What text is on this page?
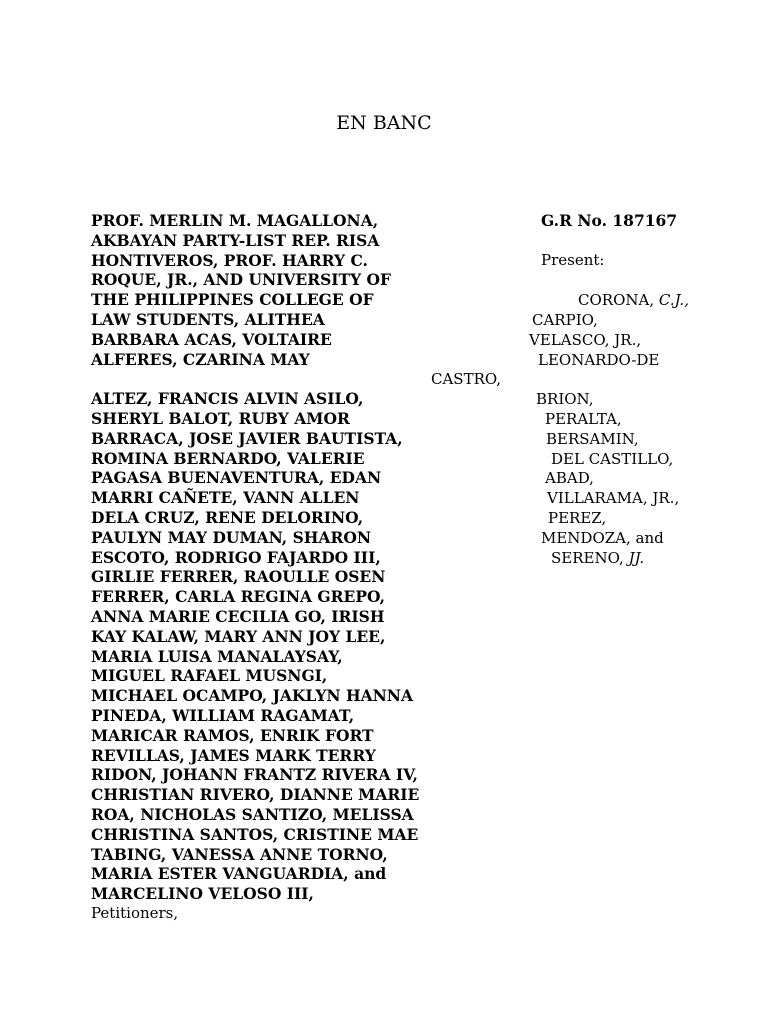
EN BANC
PROF. MERLIN M. MAGALLONA,
AKBAYAN PARTY-LIST REP. RISA
HONTIVEROS, PROF. HARRY C.
ROQUE, JR., AND UNIVERSITY OF
THE PHILIPPINES COLLEGE OF
LAW STUDENTS, ALITHEA
BARBARA ACAS, VOLTAIRE
ALFERES, CZARINA MAY
ALTEZ, FRANCIS ALVIN ASILO,
SHERYL BALOT, RUBY AMOR
BARRACA, JOSE JAVIER BAUTISTA,
ROMINA BERNARDO, VALERIE
PAGASA BUENAVENTURA, EDAN
MARRI CAÑETE, VANN ALLEN
DELA CRUZ, RENE DELORINO,
PAULYN MAY DUMAN, SHARON
ESCOTO, RODRIGO FAJARDO III,
GIRLIE FERRER, RAOULLE OSEN
FERRER, CARLA REGINA GREPO,
ANNA MARIE CECILIA GO, IRISH
KAY KALAW, MARY ANN JOY LEE,
MARIA LUISA MANALAYSAY,
MIGUEL RAFAEL MUSNGI,
MICHAEL OCAMPO, JAKLYN HANNA
PINEDA, WILLIAM RAGAMAT,
MARICAR RAMOS, ENRIK FORT
REVILLAS, JAMES MARK TERRY
RIDON, JOHANN FRANTZ RIVERA IV,
CHRISTIAN RIVERO, DIANNE MARIE
ROA, NICHOLAS SANTIZO, MELISSA
CHRISTINA SANTOS, CRISTINE MAE
TABING, VANESSA ANNE TORNO,
MARIA ESTER VANGUARDIA, and
MARCELINO VELOSO III,
Petitioners,
G.R No. 187167
Present:
CORONA, C.J.,
CARPIO,
VELASCO, JR.,
LEONARDO-DE
CASTRO,
BRION,
PERALTA,
BERSAMIN,
DEL CASTILLO,
ABAD,
VILLARAMA, JR.,
PEREZ,
MENDOZA, and
SERENO, JJ.
